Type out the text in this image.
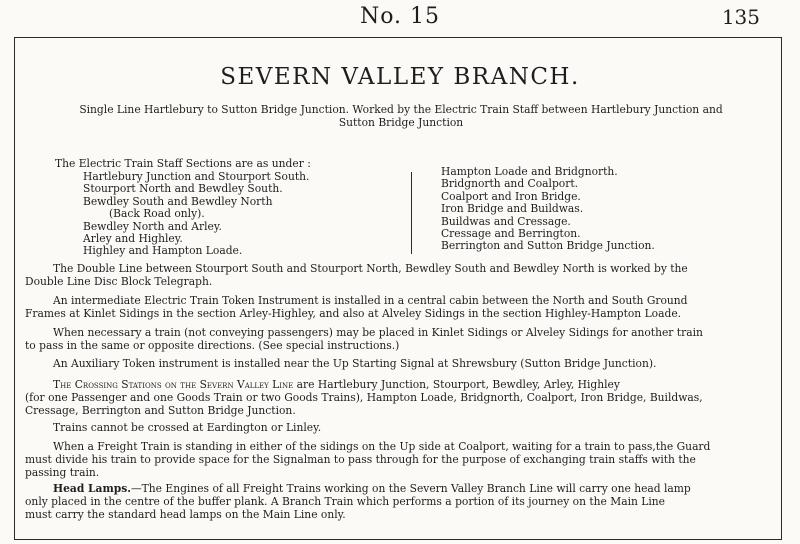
No. 15	135
SEVERN VALLEY BRANCH.
Single Line Hartlebury to Sutton Bridge Junction. Worked by the Electric Train Staff between Hartlebury Junction and
Sutton Bridge Junction
The Electric Train Staff Sections are as under :
Hartlebury Junction and Stourport South.
Stourport North and Bewdley South.
Bewdley South and Bewdley North
(Back Road only).
Bewdley North and Arley.
Arley and Highley.
Highley and Hampton Loade.
Hampton Loade and Bridgnorth.
Bridgnorth and Coalport.
Coalport and Iron Bridge.
Iron Bridge and Buildwas.
Buildwas and Cressage.
Cressage and Berrington.
Berrington and Sutton Bridge Junction.
The Double Line between Stourport South and Stourport North, Bewdley South and Bewdley North is worked by the
Double Line Disc Block Telegraph.
An intermediate Electric Train Token Instrument is installed in a central cabin between the North and South Ground
Frames at Kinlet Sidings in the section Arley-Highley, and also at Alveley Sidings in the section Highley-Hampton Loade.
When necessary a train (not conveying passengers) may be placed in Kinlet Sidings or Alveley Sidings for another train
to pass in the same or opposite directions. (See special instructions.)
An Auxiliary Token instrument is installed near the Up Starting Signal at Shrewsbury (Sutton Bridge Junction).
The Crossing Stations on the Severn Valley Line are Hartlebury Junction, Stourport, Bewdley, Arley, Highley
(for one Passenger and one Goods Train or two Goods Trains), Hampton Loade, Bridgnorth, Coalport, Iron Bridge, Buildwas,
Cressage, Berrington and Sutton Bridge Junction.
Trains cannot be crossed at Eardington or Linley.
When a Freight Train is standing in either of the sidings on the Up side at Coalport, waiting for a train to pass,the Guard
must divide his train to provide space for the Signalman to pass through for the purpose of exchanging train staffs with the
passing train.
Head Lamps.—The Engines of all Freight Trains working on the Severn Valley Branch Line will carry one head lamp
only placed in the centre of the buffer plank. A Branch Train which performs a portion of its journey on the Main Line
must carry the standard head lamps on the Main Line only.
